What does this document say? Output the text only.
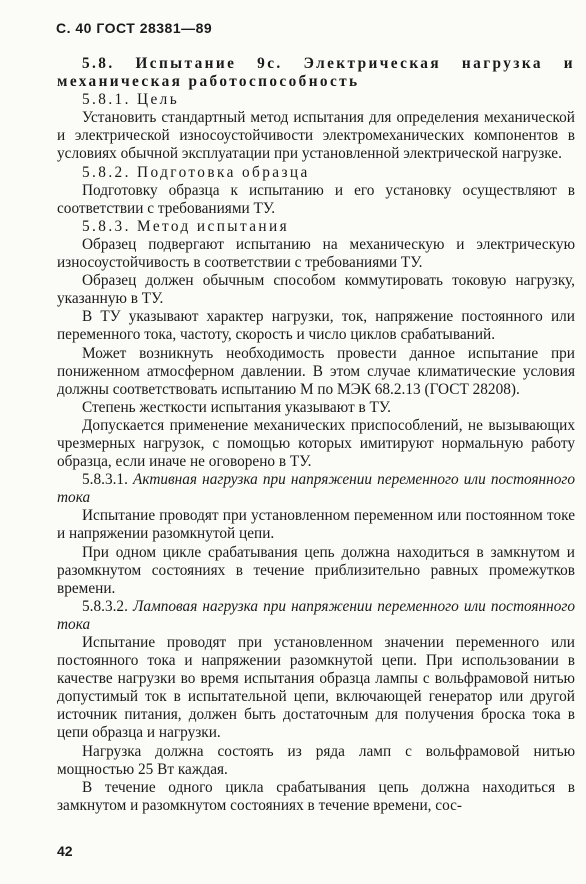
С. 40 ГОСТ 28381—89

5.8. Испытание 9с. Электрическая нагрузка и механическая работоспособность

5.8.1. Цель

Установить стандартный метод испытания для определения механической и электрической износоустойчивости электромеханических компонентов в условиях обычной эксплуатации при установленной электрической нагрузке.

5.8.2. Подготовка образца

Подготовку образца к испытанию и его установку осуществляют в соответствии с требованиями ТУ.

5.8.3. Метод испытания

Образец подвергают испытанию на механическую и электрическую износоустойчивость в соответствии с требованиями ТУ.

Образец должен обычным способом коммутировать токовую нагрузку, указанную в ТУ.

В ТУ указывают характер нагрузки, ток, напряжение постоянного или переменного тока, частоту, скорость и число циклов срабатываний.

Может возникнуть необходимость провести данное испытание при пониженном атмосферном давлении. В этом случае климатические условия должны соответствовать испытанию М по МЭК 68.2.13 (ГОСТ 28208).

Степень жесткости испытания указывают в ТУ.

Допускается применение механических приспособлений, не вызывающих чрезмерных нагрузок, с помощью которых имитируют нормальную работу образца, если иначе не оговорено в ТУ.

5.8.3.1. Активная нагрузка при напряжении переменного или постоянного тока

Испытание проводят при установленном переменном или постоянном токе и напряжении разомкнутой цепи.

При одном цикле срабатывания цепь должна находиться в замкнутом и разомкнутом состояниях в течение приблизительно равных промежутков времени.

5.8.3.2. Ламповая нагрузка при напряжении переменного или постоянного тока

Испытание проводят при установленном значении переменного или постоянного тока и напряжении разомкнутой цепи. При использовании в качестве нагрузки во время испытания образца лампы с вольфрамовой нитью допустимый ток в испытательной цепи, включающей генератор или другой источник питания, должен быть достаточным для получения броска тока в цепи образца и нагрузки.

Нагрузка должна состоять из ряда ламп с вольфрамовой нитью мощностью 25 Вт каждая.

В течение одного цикла срабатывания цепь должна находиться в замкнутом и разомкнутом состояниях в течение времени, сос-

42
